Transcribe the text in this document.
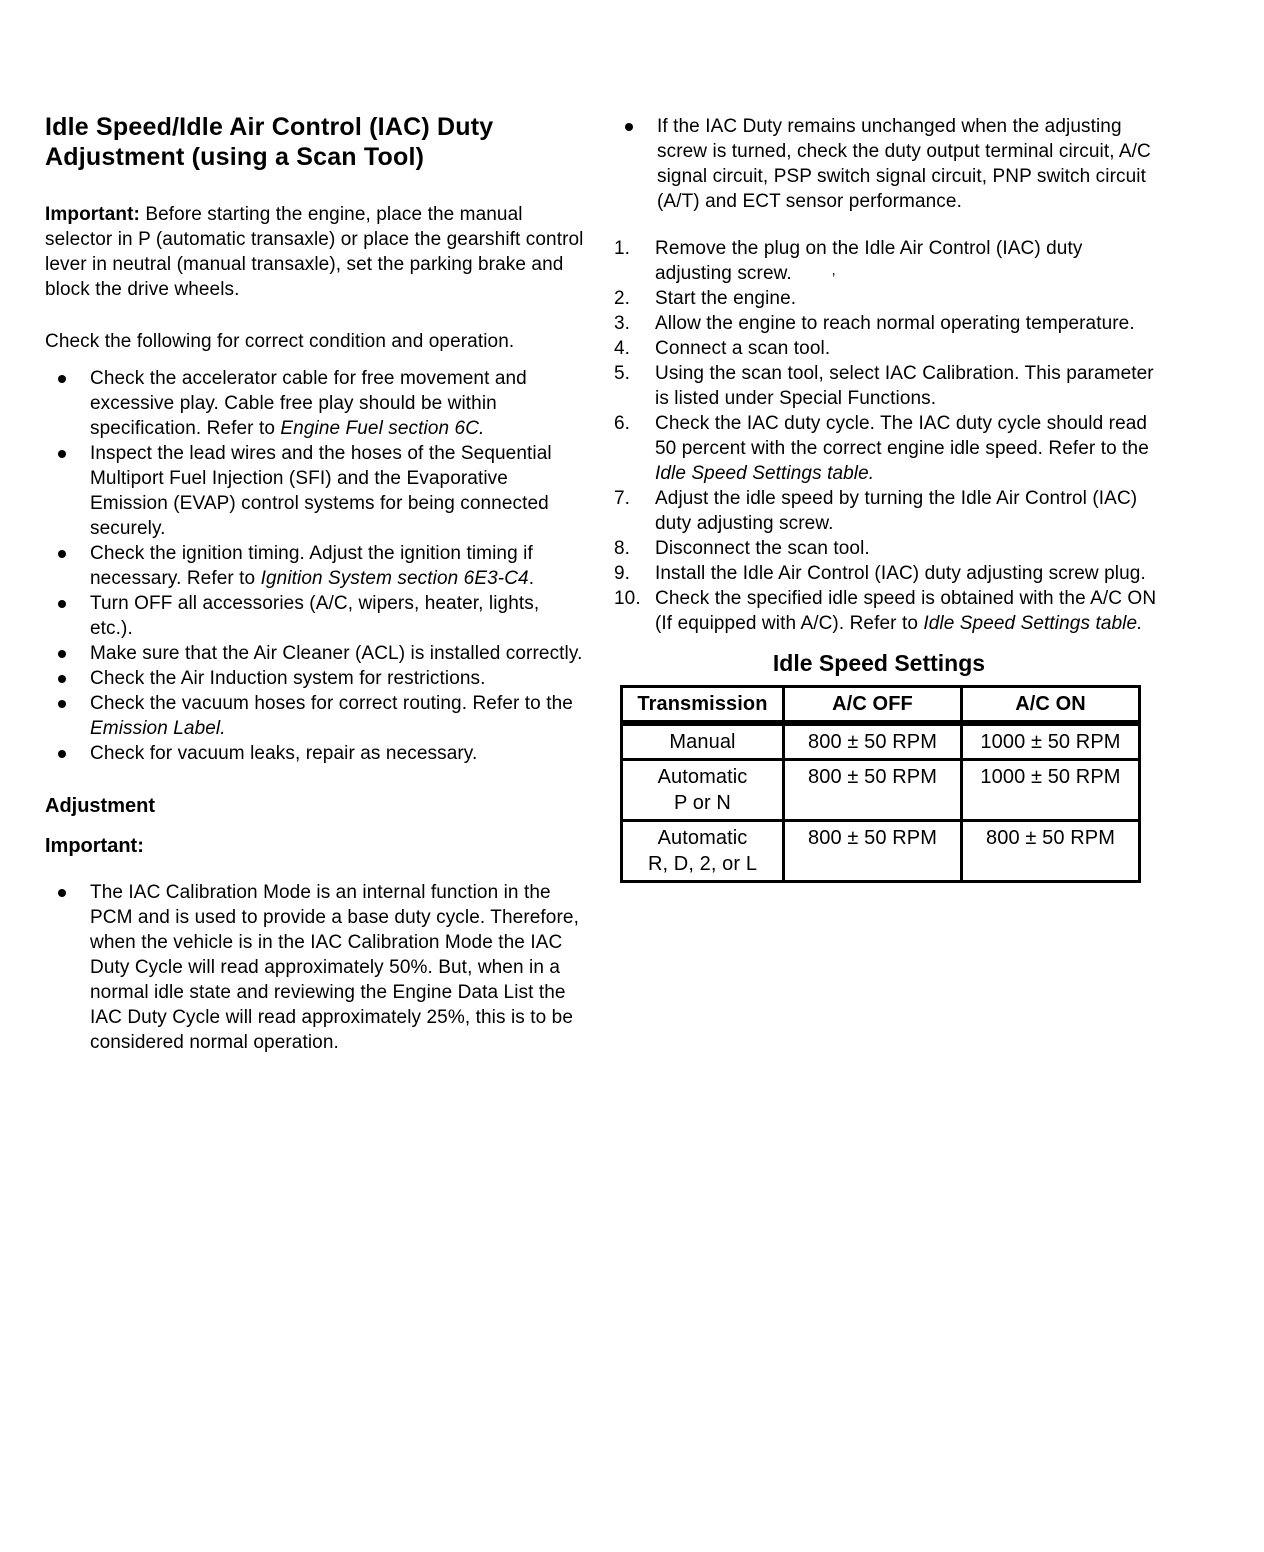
Idle Speed/Idle Air Control (IAC) Duty Adjustment (using a Scan Tool)

Important: Before starting the engine, place the manual selector in P (automatic transaxle) or place the gearshift control lever in neutral (manual transaxle), set the parking brake and block the drive wheels.

Check the following for correct condition and operation.

Check the accelerator cable for free movement and excessive play. Cable free play should be within specification. Refer to Engine Fuel section 6C.
Inspect the lead wires and the hoses of the Sequential Multiport Fuel Injection (SFI) and the Evaporative Emission (EVAP) control systems for being connected securely.
Check the ignition timing. Adjust the ignition timing if necessary. Refer to Ignition System section 6E3-C4.
Turn OFF all accessories (A/C, wipers, heater, lights, etc.).
Make sure that the Air Cleaner (ACL) is installed correctly.
Check the Air Induction system for restrictions.
Check the vacuum hoses for correct routing. Refer to the Emission Label.
Check for vacuum leaks, repair as necessary.
Adjustment
Important:
The IAC Calibration Mode is an internal function in the PCM and is used to provide a base duty cycle. Therefore, when the vehicle is in the IAC Calibration Mode the IAC Duty Cycle will read approximately 50%. But, when in a normal idle state and reviewing the Engine Data List the IAC Duty Cycle will read approximately 25%, this is to be considered normal operation.
If the IAC Duty remains unchanged when the adjusting screw is turned, check the duty output terminal circuit, A/C signal circuit, PSP switch signal circuit, PNP switch circuit (A/T) and ECT sensor performance.
1.	Remove the plug on the Idle Air Control (IAC) duty adjusting screw.
2.	Start the engine.
3.	Allow the engine to reach normal operating temperature.
4.	Connect a scan tool.
5.	Using the scan tool, select IAC Calibration. This parameter is listed under Special Functions.
6.	Check the IAC duty cycle. The IAC duty cycle should read 50 percent with the correct engine idle speed. Refer to the Idle Speed Settings table.
7.	Adjust the idle speed by turning the Idle Air Control (IAC) duty adjusting screw.
8.	Disconnect the scan tool.
9.	Install the Idle Air Control (IAC) duty adjusting screw plug.
10. Check the specified idle speed is obtained with the A/C ON (If equipped with A/C). Refer to Idle Speed Settings table.
Idle Speed Settings
Transmission	A/C OFF	A/C ON

Manual	800 ± 50 RPM	1000 ± 50 RPM

Automatic
P or N	800 ± 50 RPM	1000 ± 50 RPM

Automatic
R, D, 2, or L	800 ± 50 RPM	800 ± 50 RPM
ʼ
